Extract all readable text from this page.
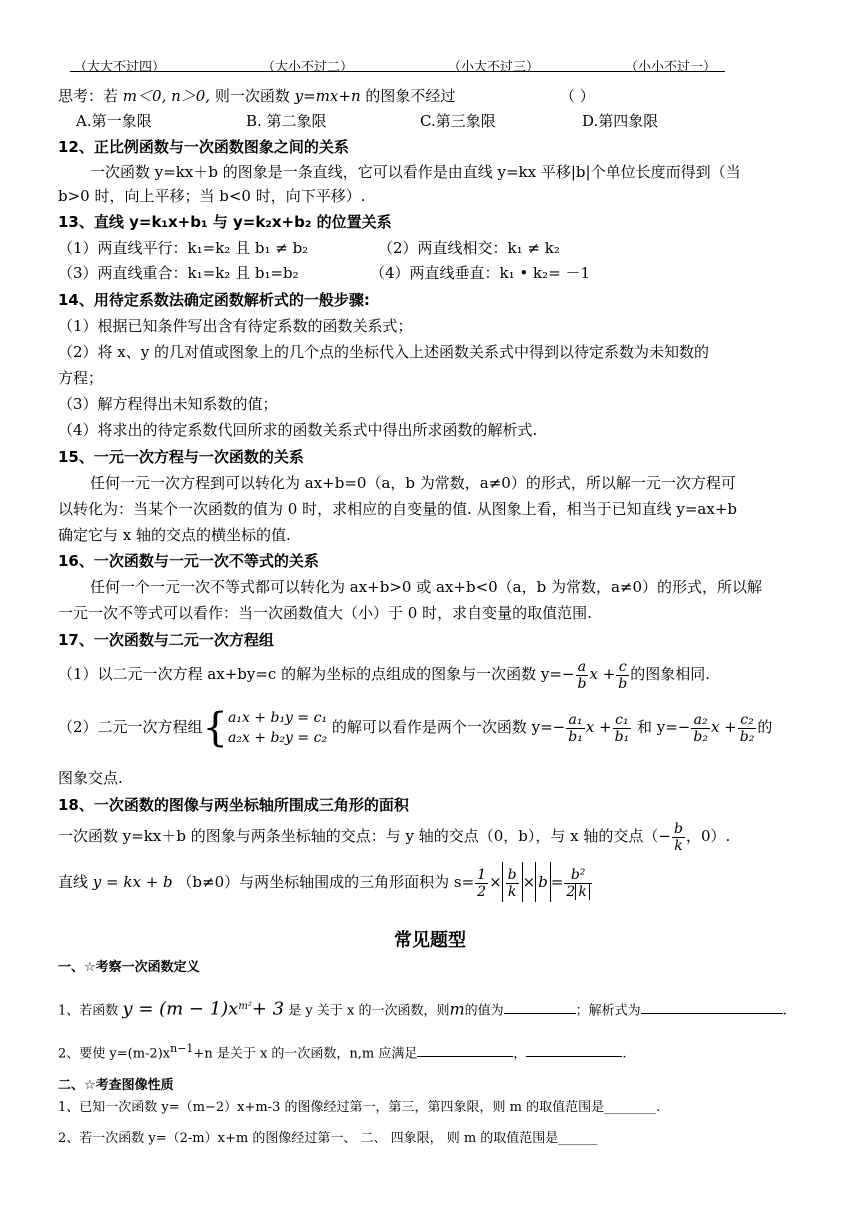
（大大不过四）	（大小不过二）	（小大不过三）	（小小不过一）
思考：若 m＜0, n＞0, 则一次函数 y=mx+n 的图象不经过	（ ）
A.第一象限	B. 第二象限	C.第三象限	D.第四象限
12、正比例函数与一次函数图象之间的关系
一次函数 y=kx＋b 的图象是一条直线，它可以看作是由直线 y=kx 平移|b|个单位长度而得到（当
b>0 时，向上平移；当 b<0 时，向下平移）.
13、直线 y=k₁x+b₁ 与 y=k₂x+b₂ 的位置关系
（1）两直线平行：k₁=k₂ 且 b₁ ≠ b₂	（2）两直线相交：k₁ ≠ k₂
（3）两直线重合：k₁=k₂ 且 b₁=b₂	（4）两直线垂直：k₁ • k₂= －1
14、用待定系数法确定函数解析式的一般步骤:
（1）根据已知条件写出含有待定系数的函数关系式；
（2）将 x、y 的几对值或图象上的几个点的坐标代入上述函数关系式中得到以待定系数为未知数的
方程；
（3）解方程得出未知系数的值；
（4）将求出的待定系数代回所求的函数关系式中得出所求函数的解析式.
15、一元一次方程与一次函数的关系
任何一元一次方程到可以转化为 ax+b=0（a，b 为常数，a≠0）的形式，所以解一元一次方程可
以转化为：当某个一次函数的值为 0 时，求相应的自变量的值. 从图象上看，相当于已知直线 y=ax+b
确定它与 x 轴的交点的横坐标的值.
16、一次函数与一元一次不等式的关系
任何一个一元一次不等式都可以转化为 ax+b>0 或 ax+b<0（a，b 为常数，a≠0）的形式，所以解
一元一次不等式可以看作：当一次函数值大（小）于 0 时，求自变量的取值范围.
17、一次函数与二元一次方程组
（1）以二元一次方程 ax+by=c 的解为坐标的点组成的图象与一次函数 $y=- \frac{a}{b}$ $x + \frac{c}{b}$ 的图象相同.
（2）二元一次方程组{ a₁x + b₁y = c₁
a₂x + b₂y = c₂
的解可以看作是两个一次函数 $y=- \frac{\text{a₁}}{\text{b₁}}$ $x + \frac{\text{c₁}}{\text{b₁}}$ 和 $y=- \frac{\text{a₂}}{\text{b₂}}$ $x + \frac{\text{c₂}}{\text{b₂}}$ 的
图象交点.
18、一次函数的图像与两坐标轴所围成三角形的面积
一次函数 y=kx＋b 的图象与两条坐标轴的交点：与 y 轴的交点（0，b），与 x 轴的交点（− $\frac{b}{k}$ ，0）.
直线 y = kx + b （b≠0）与两坐标轴围成的三角形面积为 $s= \frac{1}{2} \times \frac{b}{k} \times b = \frac{\text{b²}}{2 k}$
常见题型
一、☆考察一次函数定义
1、若函数 $y = (m - 1)x^{m^2}+ 3$ 是 y 关于 x 的一次函数，则m的值为	；解析式为	.
2、要使 $y=(m-2)x^{n-1}+n$ 是关于 x 的一次函数，n,m 应满足	，	.
二、☆考查图像性质
1、已知一次函数 y=（m−2）x+m-3 的图像经过第一，第三，第四象限，则 m 的取值范围是________.
2、若一次函数 y=（2-m）x+m 的图像经过第一、 二、 四象限， 则 m 的取值范围是______
